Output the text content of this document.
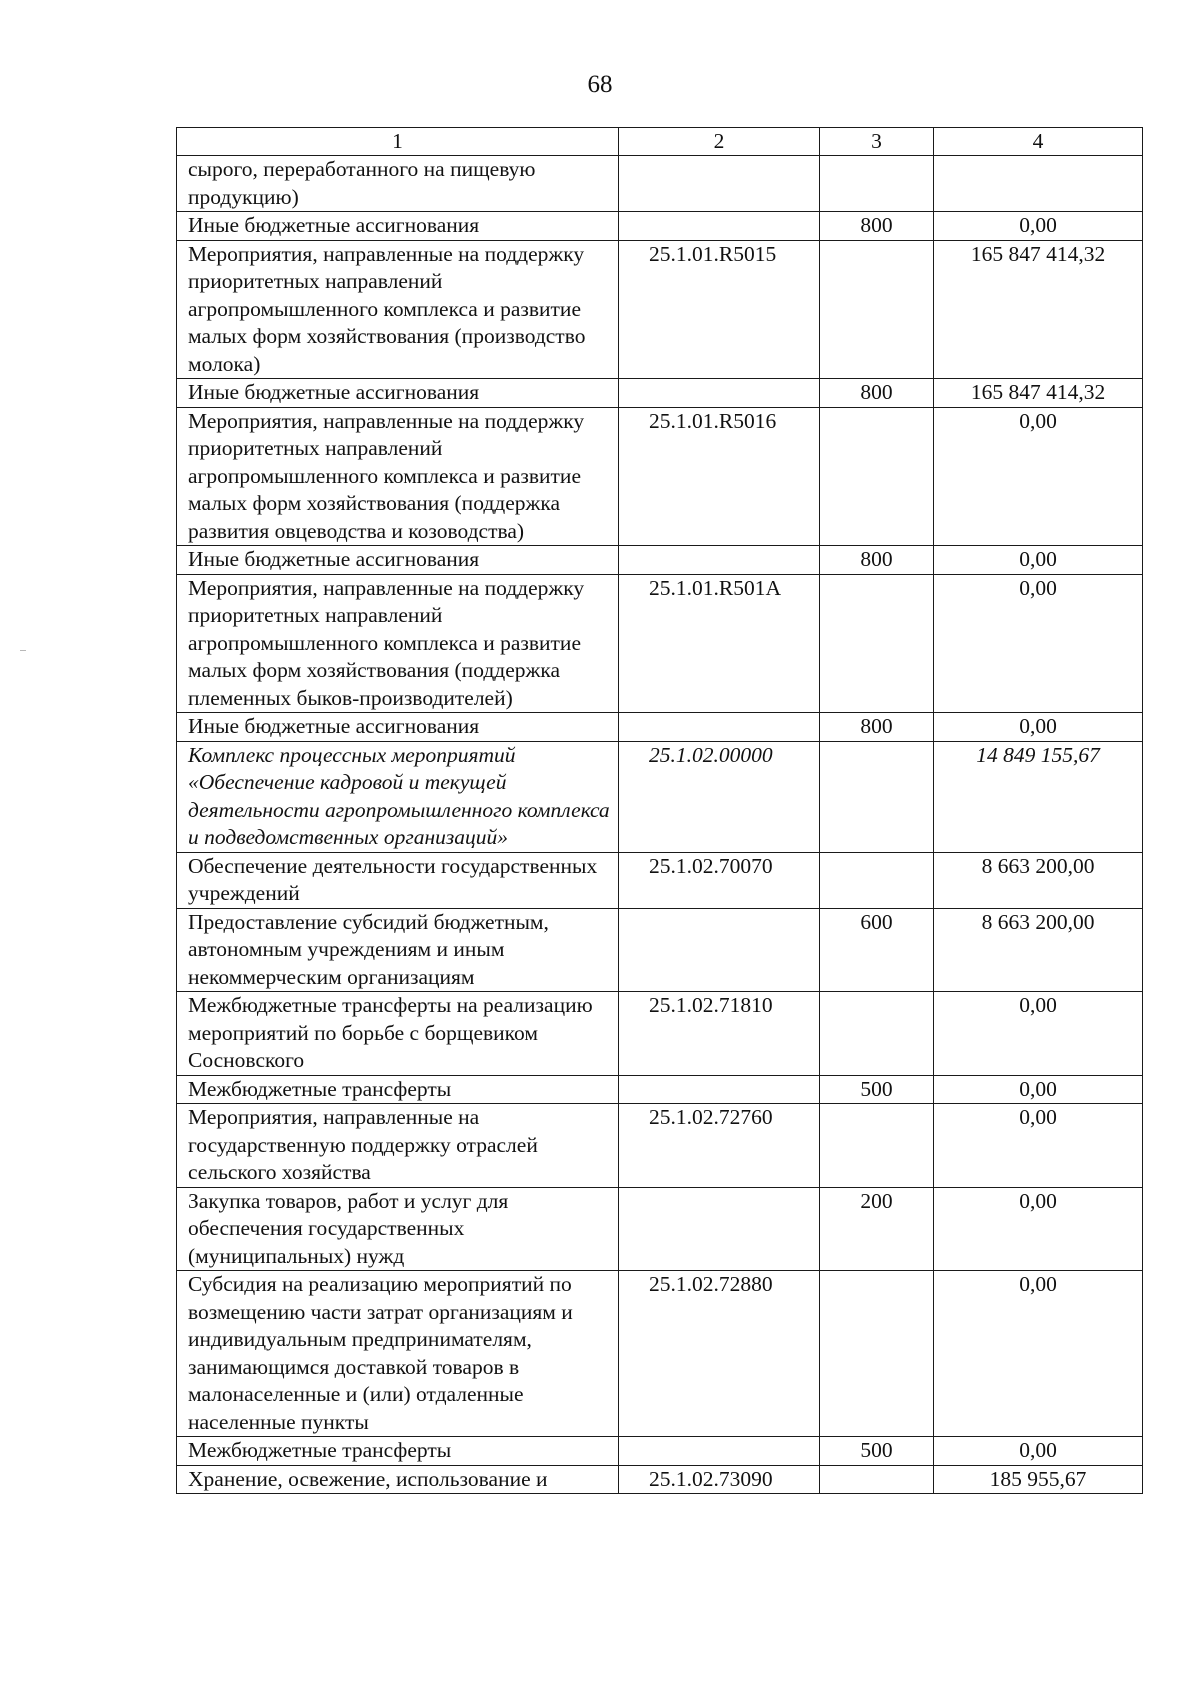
68
1	2	3	4
сырого, переработанного на пищевую продукцию)			
Иные бюджетные ассигнования		800	0,00
Мероприятия, направленные на поддержку приоритетных направлений агропромышленного комплекса и развитие малых форм хозяйствования (производство молока)	25.1.01.R5015		165 847 414,32
Иные бюджетные ассигнования		800	165 847 414,32
Мероприятия, направленные на поддержку приоритетных направлений агропромышленного комплекса и развитие малых форм хозяйствования (поддержка развития овцеводства и козоводства)	25.1.01.R5016		0,00
Иные бюджетные ассигнования		800	0,00
Мероприятия, направленные на поддержку приоритетных направлений агропромышленного комплекса и развитие малых форм хозяйствования (поддержка племенных быков-производителей)	25.1.01.R501A		0,00
Иные бюджетные ассигнования		800	0,00
Комплекс процессных мероприятий «Обеспечение кадровой и текущей деятельности агропромышленного комплекса и подведомственных организаций»	25.1.02.00000		14 849 155,67
Обеспечение деятельности государственных учреждений	25.1.02.70070		8 663 200,00
Предоставление субсидий бюджетным, автономным учреждениям и иным некоммерческим организациям		600	8 663 200,00
Межбюджетные трансферты на реализацию мероприятий по борьбе с борщевиком Сосновского	25.1.02.71810		0,00
Межбюджетные трансферты		500	0,00
Мероприятия, направленные на государственную поддержку отраслей сельского хозяйства	25.1.02.72760		0,00
Закупка товаров, работ и услуг для обеспечения государственных (муниципальных) нужд		200	0,00
Субсидия на реализацию мероприятий по возмещению части затрат организациям и индивидуальным предпринимателям, занимающимся доставкой товаров в малонаселенные и (или) отдаленные населенные пункты	25.1.02.72880		0,00
Межбюджетные трансферты		500	0,00
Хранение, освежение, использование и	25.1.02.73090		185 955,67
